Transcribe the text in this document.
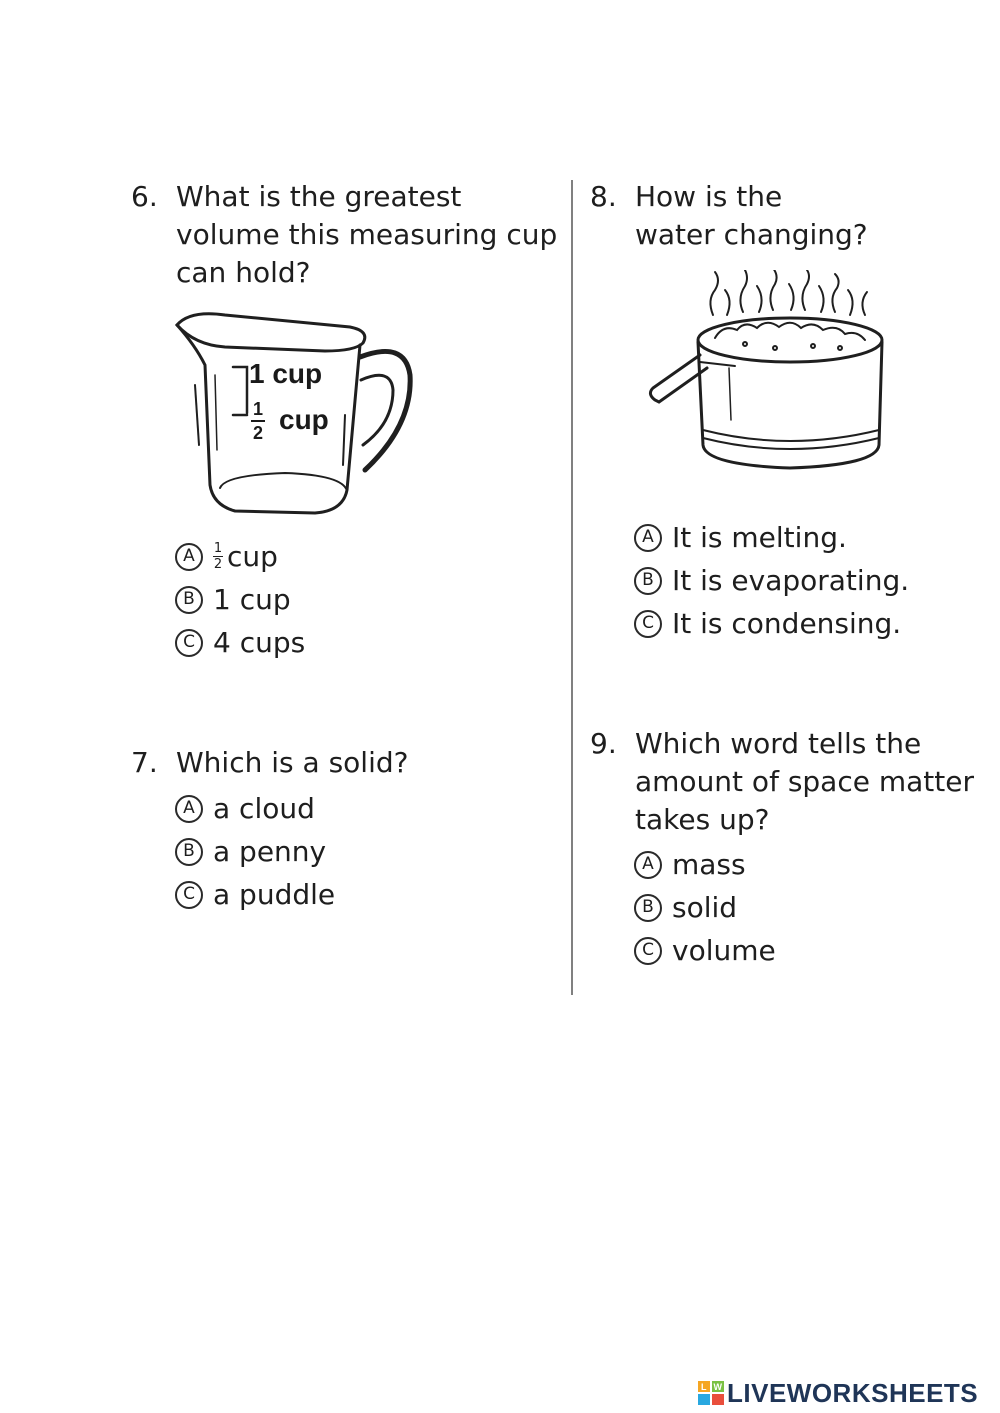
6. What is the greatest
volume this measuring cup
can hold?
1 cup
1
2 cup
A	$\frac{1}{2}$ cup
B 1 cup
C 4 cups
7. Which is a solid?
A a cloud
B a penny
C a puddle
8. How is the
water changing?
A It is melting.
B It is evaporating.
C It is condensing.
9. Which word tells the
amount of space matter
takes up?
A mass
B solid
C volume
L W LIVEWORKSHEETS
